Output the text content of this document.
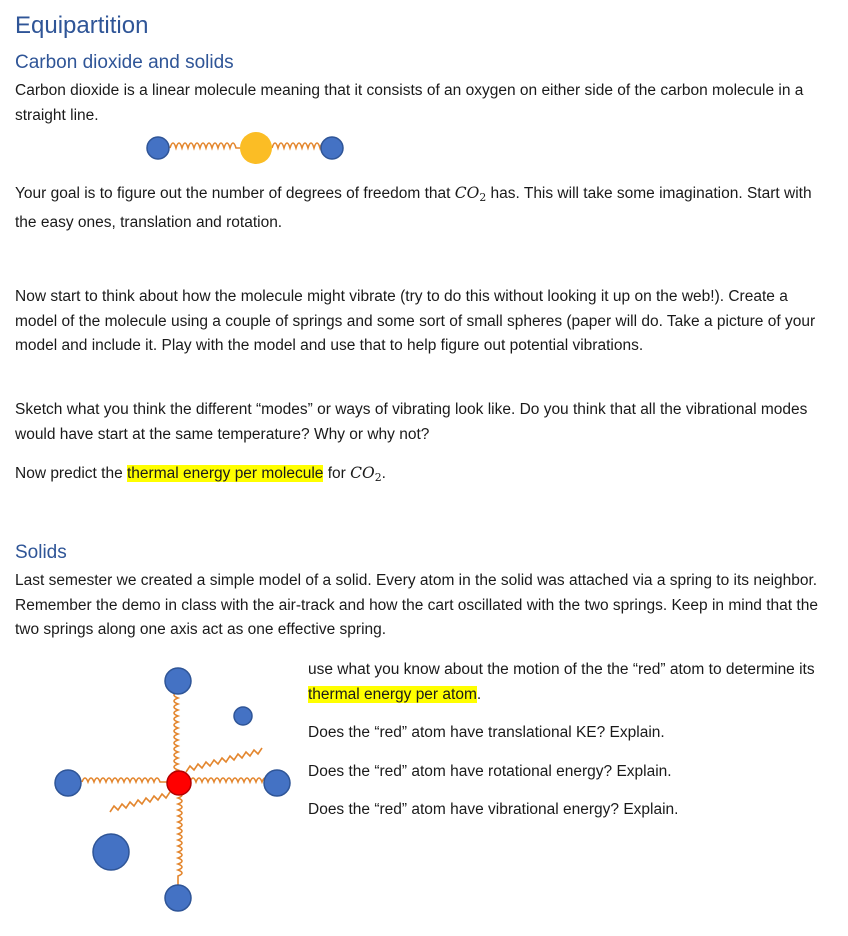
Equipartition
Carbon dioxide and solids
Carbon dioxide is a linear molecule meaning that it consists of an oxygen on either side of the carbon molecule in a straight line.
Your goal is to figure out the number of degrees of freedom that $CO_2$ has. This will take some imagination. Start with the easy ones, translation and rotation.
Now start to think about how the molecule might vibrate (try to do this without looking it up on the web!). Create a model of the molecule using a couple of springs and some sort of small spheres (paper will do. Take a picture of your model and include it. Play with the model and use that to help figure out potential vibrations.
Sketch what you think the different “modes” or ways of vibrating look like. Do you think that all the vibrational modes would have start at the same temperature? Why or why not?
Now predict the thermal energy per molecule for $CO_2$.
Solids
Last semester we created a simple model of a solid. Every atom in the solid was attached via a spring to its neighbor. Remember the demo in class with the air-track and how the cart oscillated with the two springs. Keep in mind that the two springs along one axis act as one effective spring.
use what you know about the motion of the the “red” atom to determine its thermal energy per atom.
Does the “red” atom have translational KE? Explain.
Does the “red” atom have rotational energy? Explain.
Does the “red” atom have vibrational energy? Explain.
